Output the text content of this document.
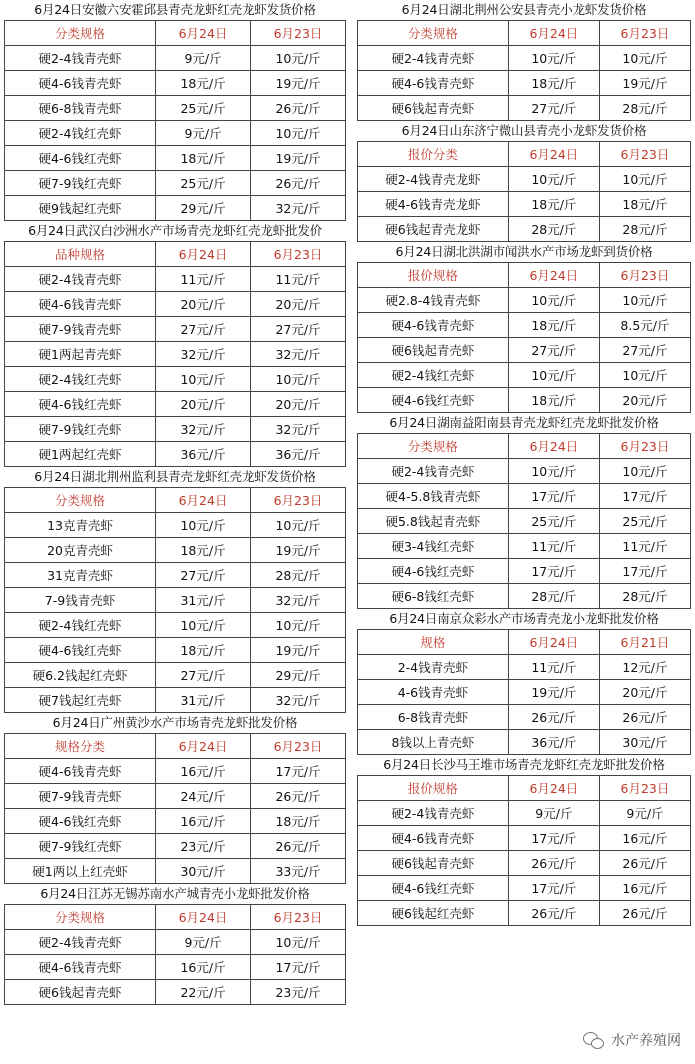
6月24日安徽六安霍邱县青壳龙虾红壳龙虾发货价格
分类规格	6月24日	6月23日
硬2-4钱青壳虾	9元/斤	10元/斤
硬4-6钱青壳虾	18元/斤	19元/斤
硬6-8钱青壳虾	25元/斤	26元/斤
硬2-4钱红壳虾	9元/斤	10元/斤
硬4-6钱红壳虾	18元/斤	19元/斤
硬7-9钱红壳虾	25元/斤	26元/斤
硬9钱起红壳虾	29元/斤	32元/斤
6月24日武汉白沙洲水产市场青壳龙虾红壳龙虾批发价
品种规格	6月24日	6月23日
硬2-4钱青壳虾	11元/斤	11元/斤
硬4-6钱青壳虾	20元/斤	20元/斤
硬7-9钱青壳虾	27元/斤	27元/斤
硬1两起青壳虾	32元/斤	32元/斤
硬2-4钱红壳虾	10元/斤	10元/斤
硬4-6钱红壳虾	20元/斤	20元/斤
硬7-9钱红壳虾	32元/斤	32元/斤
硬1两起红壳虾	36元/斤	36元/斤
6月24日湖北荆州监利县青壳龙虾红壳龙虾发货价格
分类规格	6月24日	6月23日
13克青壳虾	10元/斤	10元/斤
20克青壳虾	18元/斤	19元/斤
31克青壳虾	27元/斤	28元/斤
7-9钱青壳虾	31元/斤	32元/斤
硬2-4钱红壳虾	10元/斤	10元/斤
硬4-6钱红壳虾	18元/斤	19元/斤
硬6.2钱起红壳虾	27元/斤	29元/斤
硬7钱起红壳虾	31元/斤	32元/斤
6月24日广州黄沙水产市场青壳龙虾批发价格
规格分类	6月24日	6月23日
硬4-6钱青壳虾	16元/斤	17元/斤
硬7-9钱青壳虾	24元/斤	26元/斤
硬4-6钱红壳虾	16元/斤	18元/斤
硬7-9钱红壳虾	23元/斤	26元/斤
硬1两以上红壳虾	30元/斤	33元/斤
6月24日江苏无锡苏南水产城青壳小龙虾批发价格
分类规格	6月24日	6月23日
硬2-4钱青壳虾	9元/斤	10元/斤
硬4-6钱青壳虾	16元/斤	17元/斤
硬6钱起青壳虾	22元/斤	23元/斤
6月24日湖北荆州公安县青壳小龙虾发货价格
分类规格	6月24日	6月23日
硬2-4钱青壳虾	10元/斤	10元/斤
硬4-6钱青壳虾	18元/斤	19元/斤
硬6钱起青壳虾	27元/斤	28元/斤
6月24日山东济宁微山县青壳小龙虾发货价格
报价分类	6月24日	6月23日
硬2-4钱青壳龙虾	10元/斤	10元/斤
硬4-6钱青壳龙虾	18元/斤	18元/斤
硬6钱起青壳龙虾	28元/斤	28元/斤
6月24日湖北洪湖市闻洪水产市场龙虾到货价格
报价规格	6月24日	6月23日
硬2.8-4钱青壳虾	10元/斤	10元/斤
硬4-6钱青壳虾	18元/斤	8.5元/斤
硬6钱起青壳虾	27元/斤	27元/斤
硬2-4钱红壳虾	10元/斤	10元/斤
硬4-6钱红壳虾	18元/斤	20元/斤
6月24日湖南益阳南县青壳龙虾红壳龙虾批发价格
分类规格	6月24日	6月23日
硬2-4钱青壳虾	10元/斤	10元/斤
硬4-5.8钱青壳虾	17元/斤	17元/斤
硬5.8钱起青壳虾	25元/斤	25元/斤
硬3-4钱红壳虾	11元/斤	11元/斤
硬4-6钱红壳虾	17元/斤	17元/斤
硬6-8钱红壳虾	28元/斤	28元/斤
6月24日南京众彩水产市场青壳龙小龙虾批发价格
规格	6月24日	6月21日
2-4钱青壳虾	11元/斤	12元/斤
4-6钱青壳虾	19元/斤	20元/斤
6-8钱青壳虾	26元/斤	26元/斤
8钱以上青壳虾	36元/斤	30元/斤
6月24日长沙马王堆市场青壳龙虾红壳龙虾批发价格
报价规格	6月24日	6月23日
硬2-4钱青壳虾	9元/斤	9元/斤
硬4-6钱青壳虾	17元/斤	16元/斤
硬6钱起青壳虾	26元/斤	26元/斤
硬4-6钱红壳虾	17元/斤	16元/斤
硬6钱起红壳虾	26元/斤	26元/斤
水产养殖网
